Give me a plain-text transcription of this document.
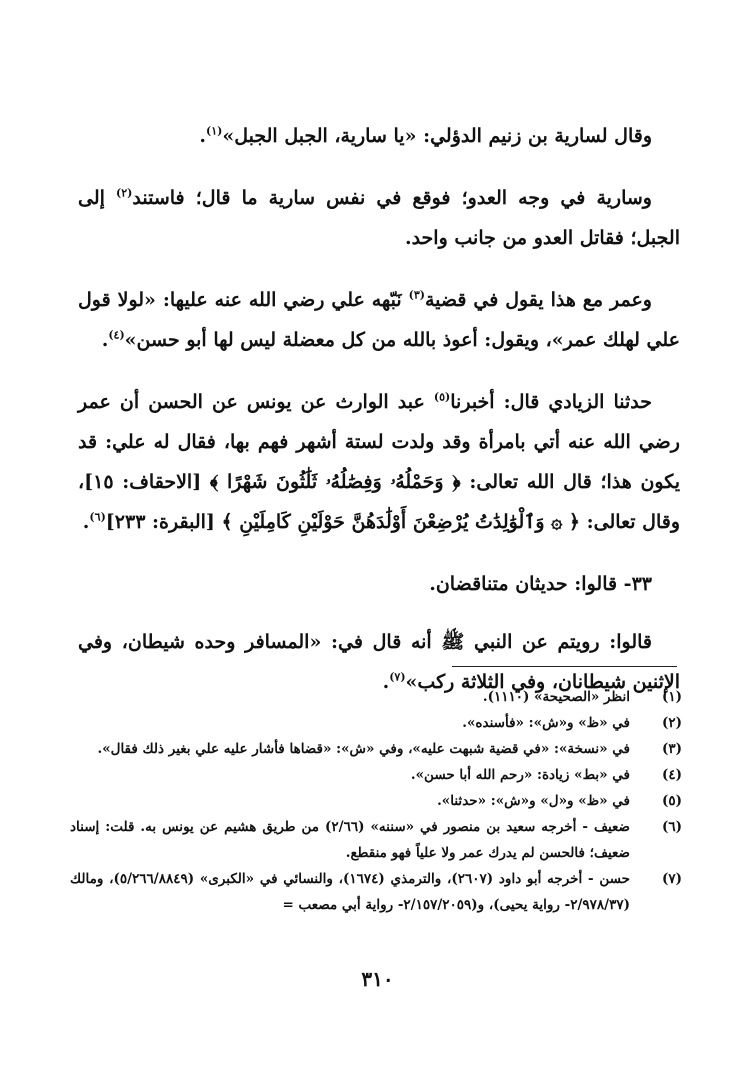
وقال لسارية بن زنيم الدؤلي: «يا سارية، الجبل الجبل»$^{(١)}$.

وسارية في وجه العدو؛ فوقع في نفس سارية ما قال؛ فاستند$^{(٢)}$ إلى الجبل؛ فقاتل العدو من جانب واحد.

وعمر مع هذا يقول في قضية$^{(٣)}$ نَبّهه علي رضي الله عنه عليها: «لولا قول علي لهلك عمر»، ويقول: أعوذ بالله من كل معضلة ليس لها أبو حسن»$^{(٤)}$.

حدثنا الزيادي قال: أخبرنا$^{(٥)}$ عبد الوارث عن يونس عن الحسن أن عمر رضي الله عنه أتي بامرأة وقد ولدت لستة أشهر فهم بها، فقال له علي: قد يكون هذا؛ قال الله تعالى: ﴿ وَحَمْلُهُۥ وَفِصَٰلُهُۥ ثَلَٰثُونَ شَهْرًا ﴾ [الاحقاف: ١٥]، وقال تعالى: ﴿ ۞ وَٱلْوَٰلِدَٰتُ يُرْضِعْنَ أَوْلَٰدَهُنَّ حَوْلَيْنِ كَامِلَيْنِ ﴾ [البقرة: ٢٣٣]$^{(٦)}$.

٣٣- قالوا: حديثان متناقضان.

قالوا: رويتم عن النبي ﷺ أنه قال في: «المسافر وحده شيطان، وفي الإثنين شيطانان، وفي الثلاثة ركب»$^{(٧)}$.

(١)
انظر «الصحيحة» (١١١٠).
(٢)
في «ظ» و«ش»: «فأسنده».
(٣)
في «نسخة»: «في قضية شبهت عليه»، وفي «ش»: «قضاها فأشار عليه علي بغير ذلك فقال».
(٤)
في «بط» زيادة: «رحم الله أبا حسن».
(٥)
في «ظ» و«ل» و«ش»: «حدثنا».
(٦)
ضعيف - أخرجه سعيد بن منصور في «سننه» (٢/٦٦) من طريق هشيم عن يونس به. قلت: إسناد ضعيف؛ فالحسن لم يدرك عمر ولا علياً فهو منقطع.
(٧)
حسن - أخرجه أبو داود (٢٦٠٧)، والترمذي (١٦٧٤)، والنسائي في «الكبرى» (٥/٢٦٦/٨٨٤٩)، ومالك (٢/٩٧٨/٣٧- رواية يحيى)، و(٢/١٥٧/٢٠٥٩- رواية أبي مصعب =
٣١٠
